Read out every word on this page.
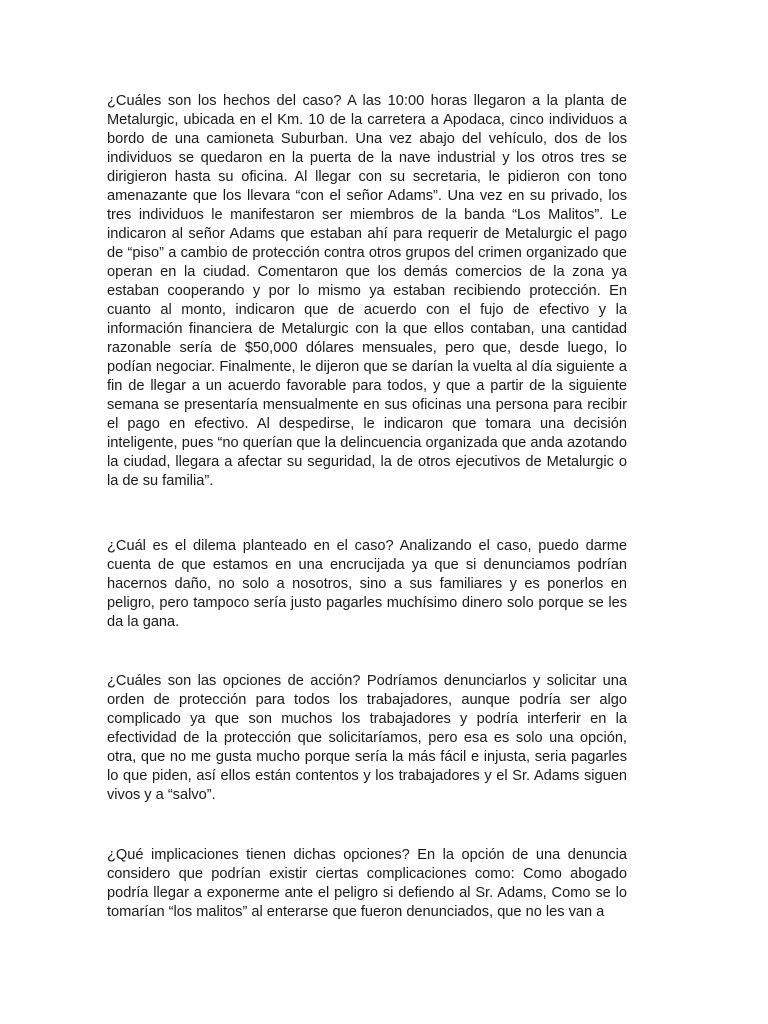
¿Cuáles son los hechos del caso? A las 10:00 horas llegaron a la planta de Metalurgic, ubicada en el Km. 10 de la carretera a Apodaca, cinco individuos a bordo de una camioneta Suburban. Una vez abajo del vehículo, dos de los individuos se quedaron en la puerta de la nave industrial y los otros tres se dirigieron hasta su oficina. Al llegar con su secretaria, le pidieron con tono amenazante que los llevara “con el señor Adams”. Una vez en su privado, los tres individuos le manifestaron ser miembros de la banda “Los Malitos”. Le indicaron al señor Adams que estaban ahí para requerir de Metalurgic el pago de “piso” a cambio de protección contra otros grupos del crimen organizado que operan en la ciudad. Comentaron que los demás comercios de la zona ya estaban cooperando y por lo mismo ya estaban recibiendo protección. En cuanto al monto, indicaron que de acuerdo con el fujo de efectivo y la información financiera de Metalurgic con la que ellos contaban, una cantidad razonable sería de $50,000 dólares mensuales, pero que, desde luego, lo podían negociar. Finalmente, le dijeron que se darían la vuelta al día siguiente a fin de llegar a un acuerdo favorable para todos, y que a partir de la siguiente semana se presentaría mensualmente en sus oficinas una persona para recibir el pago en efectivo. Al despedirse, le indicaron que tomara una decisión inteligente, pues “no querían que la delincuencia organizada que anda azotando la ciudad, llegara a afectar su seguridad, la de otros ejecutivos de Metalurgic o la de su familia”.

¿Cuál es el dilema planteado en el caso? Analizando el caso, puedo darme cuenta de que estamos en una encrucijada ya que si denunciamos podrían hacernos daño, no solo a nosotros, sino a sus familiares y es ponerlos en peligro, pero tampoco sería justo pagarles muchísimo dinero solo porque se les da la gana.

¿Cuáles son las opciones de acción? Podríamos denunciarlos y solicitar una orden de protección para todos los trabajadores, aunque podría ser algo complicado ya que son muchos los trabajadores y podría interferir en la efectividad de la protección que solicitaríamos, pero esa es solo una opción, otra, que no me gusta mucho porque sería la más fácil e injusta, seria pagarles lo que piden, así ellos están contentos y los trabajadores y el Sr. Adams siguen vivos y a “salvo”.

¿Qué implicaciones tienen dichas opciones? En la opción de una denuncia considero que podrían existir ciertas complicaciones como: Como abogado podría llegar a exponerme ante el peligro si defiendo al Sr. Adams, Como se lo tomarían “los malitos” al enterarse que fueron denunciados, que no les van a
